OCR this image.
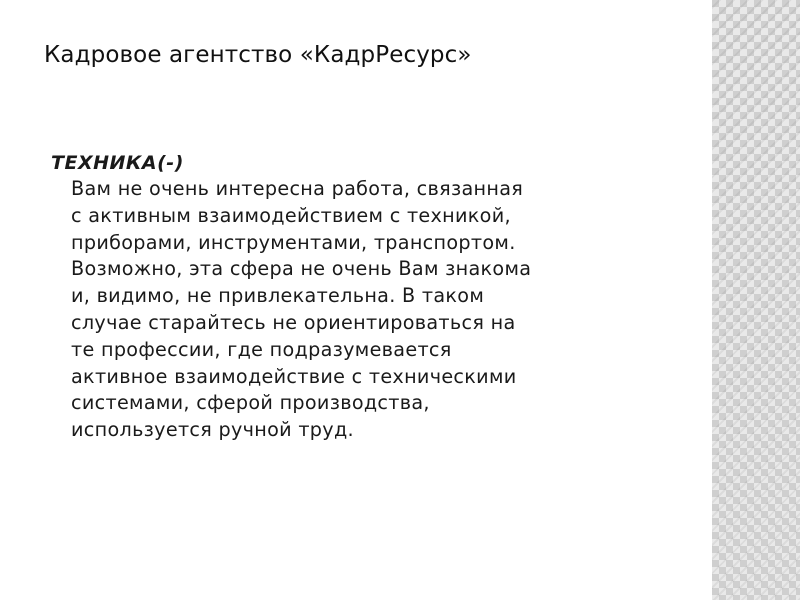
Кадровое агентство «КадрРесурс»
ТЕХНИКА(-)

Вам не очень интересна работа, связанная
с активным взаимодействием с техникой,
приборами, инструментами, транспортом.
Возможно, эта сфера не очень Вам знакома
и, видимо, не привлекательна. В таком
случае старайтесь не ориентироваться на
те профессии, где подразумевается
активное взаимодействие с техническими
системами, сферой производства,
используется ручной труд.
